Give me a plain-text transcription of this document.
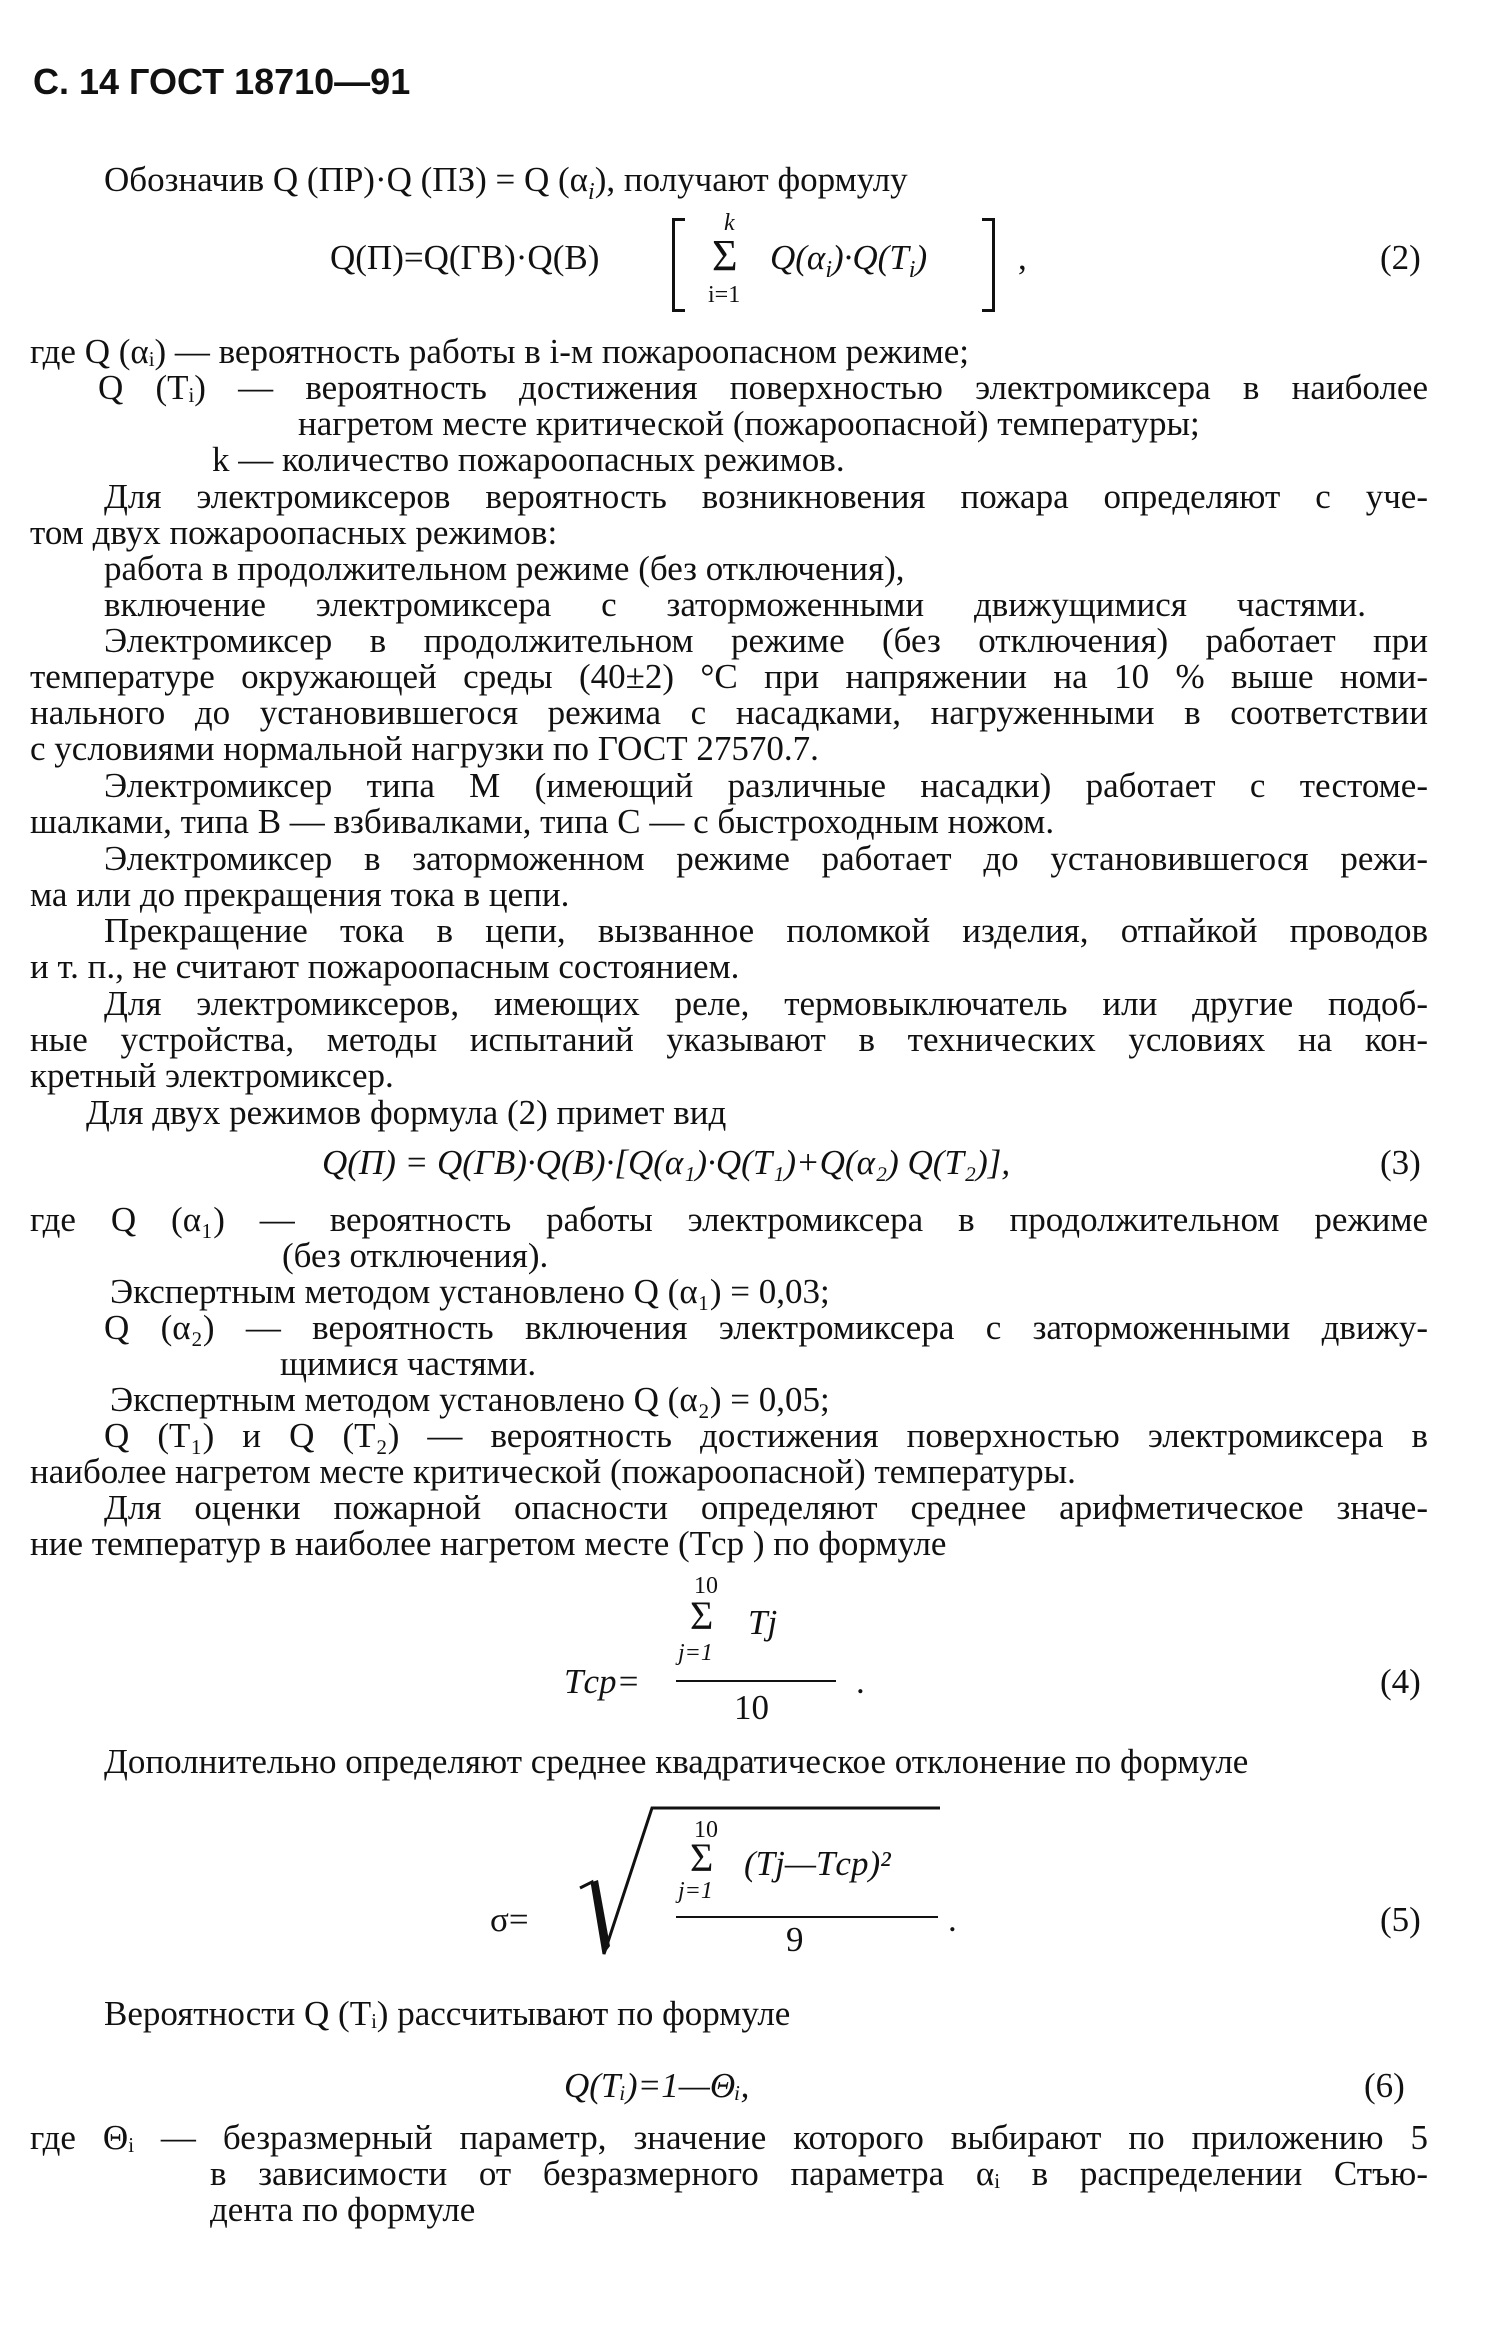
С. 14 ГОСТ 18710—91
Обозначив Q (ПР)·Q (ПЗ) = Q $(\alpha_i)$, получают формулу
Q(П)=Q(ГВ)·Q(В)
k
Σ
i=1
$Q(\alpha_i)\cdot Q(T_i)$	,	(2)
где Q (αᵢ) — вероятность работы в i-м пожароопасном режиме;
Q (Tᵢ) — вероятность достижения поверхностью электромиксера в наиболее
нагретом месте критической (пожароопасной) температуры;
k — количество пожароопасных режимов.
Для электромиксеров вероятность возникновения пожара определяют с уче-
том двух пожароопасных режимов:
работа в продолжительном режиме (без отключения),
включение электромиксера с заторможенными движущимися частями.
Электромиксер в продолжительном режиме (без отключения) работает при
температуре окружающей среды (40±2) °С при напряжении на 10 % выше номи-
нального до установившегося режима с насадками, нагруженными в соответствии
с условиями нормальной нагрузки по ГОСТ 27570.7.
Электромиксер типа М (имеющий различные насадки) работает с тестоме-
шалками, типа В — взбивалками, типа С — с быстроходным ножом.
Электромиксер в заторможенном режиме работает до установившегося режи-
ма или до прекращения тока в цепи.
Прекращение тока в цепи, вызванное поломкой изделия, отпайкой проводов
и т. п., не считают пожароопасным состоянием.
Для электромиксеров, имеющих реле, термовыключатель или другие подоб-
ные устройства, методы испытаний указывают в технических условиях на кон-
кретный электромиксер.
Для двух режимов формула (2) примет вид
Q(П) = Q(ГВ)·Q(В)·[Q(α₁)·Q(T₁)+Q(α₂) Q(T₂)],	(3)
где Q (α₁) — вероятность работы электромиксера в продолжительном режиме
(без отключения).
Экспертным методом установлено Q (α₁) = 0,03;
Q (α₂) — вероятность включения электромиксера с заторможенными движу-
щимися частями.
Экспертным методом установлено Q (α₂) = 0,05;
Q (T₁) и Q (T₂) — вероятность достижения поверхностью электромиксера в
наиболее нагретом месте критической (пожароопасной) температуры.
Для оценки пожарной опасности определяют среднее арифметическое значе-
ние температур в наиболее нагретом месте (Tср ) по формуле
10
Σ Tj
j=1
Tср=
10
.	(4)
Дополнительно определяют среднее квадратическое отклонение по формуле
σ=
10
Σ (Tj—Tср)²
j=1
9
.	(5)
Вероятности Q (Tᵢ) рассчитывают по формуле
Q(Tᵢ)=1—Θᵢ,	(6)
где Θᵢ — безразмерный параметр, значение которого выбирают по приложению 5
в зависимости от безразмерного параметра αᵢ в распределении Стъю-
дента по формуле
